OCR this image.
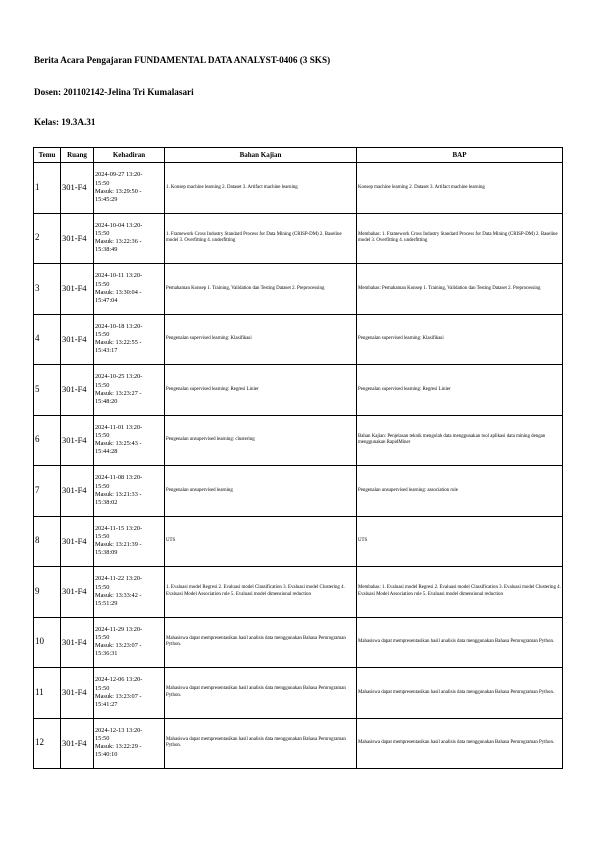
Berita Acara Pengajaran FUNDAMENTAL DATA ANALYST-0406 (3 SKS)
Dosen: 201102142-Jelina Tri Kumalasari
Kelas: 19.3A.31
Temu	Ruang	Kehadiran	Bahan Kajian	BAP
1	301-F4	2024-09-27 13:20-
15:50
Masuk: 13:29:50 -
15:45:29	1. Konsep machine learning 2. Dataset 3. Artifact machine learning	Konsep machine learning 2. Dataset 3. Artifact machine learning
2	301-F4	2024-10-04 13:20-
15:50
Masuk: 13:22:36 -
15:38:49	1. Framework Cross Industry Standard Process for Data Mining (CRISP-DM) 2. Baseline model 3. Overfitting 4. underfitting	Membahas: 1. Framework Cross Industry Standard Process for Data Mining (CRISP-DM) 2. Baseline model 3. Overfitting 4. underfitting
3	301-F4	2024-10-11 13:20-
15:50
Masuk: 13:30:04 -
15:47:04	Pemahaman Konsep 1. Training, Validation dan Testing Dataset 2. Preprocessing	Membahas: Pemahaman Konsep 1. Training, Validation dan Testing Dataset 2. Preprocessing
4	301-F4	2024-10-18 13:20-
15:50
Masuk: 13:22:55 -
15:43:17	Pengenalan supervised learning: Klasifikasi	Pengenalan supervised learning: Klasifikasi
5	301-F4	2024-10-25 13:20-
15:50
Masuk: 13:23:27 -
15:48:20	Pengenalan supervised learning: Regresi Linier	Pengenalan supervised learning: Regresi Linier
6	301-F4	2024-11-01 13:20-
15:50
Masuk: 13:25:43 -
15:44:28	Pengenalan unsupervised learning: clustering	Bahan Kajian: Penjelasan teknik mengolah data menggunakan tool aplikasi data mining dengan menggunakan RapidMiner
7	301-F4	2024-11-08 13:20-
15:50
Masuk: 13:21:33 -
15:38:02	Pengenalan unsupervised learning	Pengenalan unsupervised learning: association rule
8	301-F4	2024-11-15 13:20-
15:50
Masuk: 13:21:39 -
15:38:09	UTS	UTS
9	301-F4	2024-11-22 13:20-
15:50
Masuk: 13:33:42 -
15:51:29	1. Evaluasi model Regresi 2. Evaluasi model Classification 3. Evaluasi model Clustering 4. Evaluasi Model Association rule 5. Evaluasi model dimensional reduction	Membahas: 1. Evaluasi model Regresi 2. Evaluasi model Classification 3. Evaluasi model Clustering 4. Evaluasi Model Association rule 5. Evaluasi model dimensional reduction
10	301-F4	2024-11-29 13:20-
15:50
Masuk: 13:23:07 -
15:36:31	Mahasiswa dapat mempresentasikan hasil analisis data menggunakan Bahasa Pemrograman Python.	Mahasiswa dapat mempresentasikan hasil analisis data menggunakan Bahasa Pemrograman Python.
11	301-F4	2024-12-06 13:20-
15:50
Masuk: 13:23:07 -
15:41:27	Mahasiswa dapat mempresentasikan hasil analisis data menggunakan Bahasa Pemrograman Python.	Mahasiswa dapat mempresentasikan hasil analisis data menggunakan Bahasa Pemrograman Python.
12	301-F4	2024-12-13 13:20-
15:50
Masuk: 13:22:29 -
15:40:10	Mahasiswa dapat mempresentasikan hasil analisis data menggunakan Bahasa Pemrograman Python.	Mahasiswa dapat mempresentasikan hasil analisis data menggunakan Bahasa Pemrograman Python.
